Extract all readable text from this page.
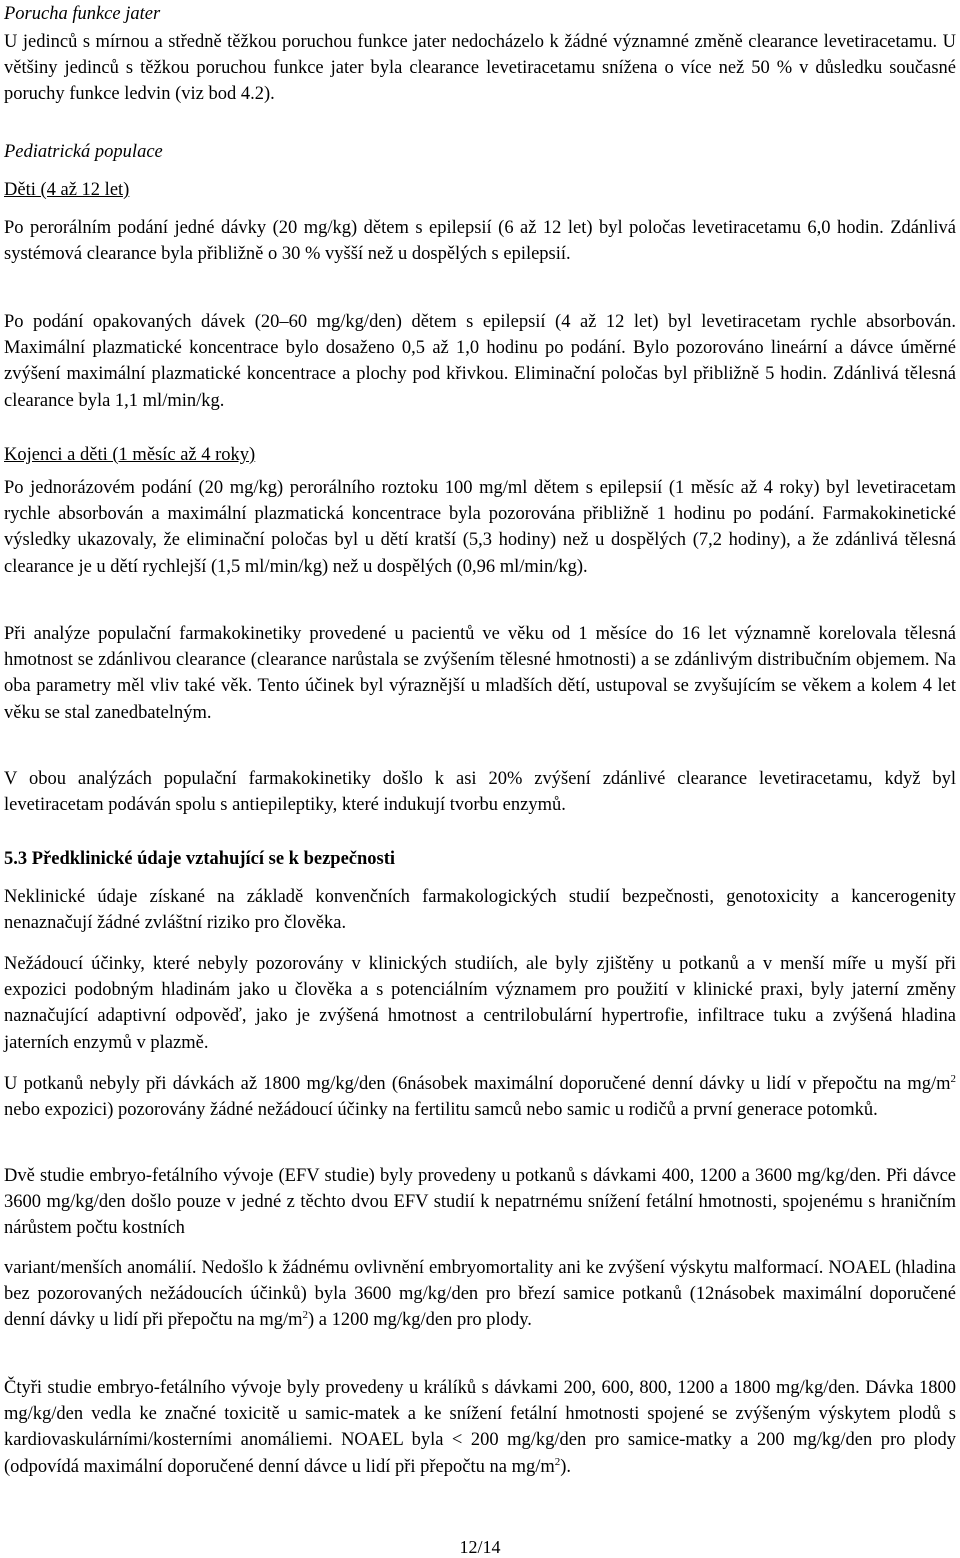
Porucha funkce jater

U jedinců s mírnou a středně těžkou poruchou funkce jater nedocházelo k žádné významné změně clearance levetiracetamu. U většiny jedinců s těžkou poruchou funkce jater byla clearance levetiracetamu snížena o více než 50 % v důsledku současné poruchy funkce ledvin (viz bod 4.2).

Pediatrická populace

Děti (4 až 12 let)

Po perorálním podání jedné dávky (20 mg/kg) dětem s epilepsií (6 až 12 let) byl poločas levetiracetamu 6,0 hodin. Zdánlivá systémová clearance byla přibližně o 30 % vyšší než u dospělých s epilepsií.

Po podání opakovaných dávek (20–60 mg/kg/den) dětem s epilepsií (4 až 12 let) byl levetiracetam rychle absorbován. Maximální plazmatické koncentrace bylo dosaženo 0,5 až 1,0 hodinu po podání. Bylo pozorováno lineární a dávce úměrné zvýšení maximální plazmatické koncentrace a plochy pod křivkou. Eliminační poločas byl přibližně 5 hodin. Zdánlivá tělesná clearance byla 1,1 ml/min/kg.

Kojenci a děti (1 měsíc až 4 roky)

Po jednorázovém podání (20 mg/kg) perorálního roztoku 100 mg/ml dětem s epilepsií (1 měsíc až 4 roky) byl levetiracetam rychle absorbován a maximální plazmatická koncentrace byla pozorována přibližně 1 hodinu po podání. Farmakokinetické výsledky ukazovaly, že eliminační poločas byl u dětí kratší (5,3 hodiny) než u dospělých (7,2 hodiny), a že zdánlivá tělesná clearance je u dětí rychlejší (1,5 ml/min/kg) než u dospělých (0,96 ml/min/kg).

Při analýze populační farmakokinetiky provedené u pacientů ve věku od 1 měsíce do 16 let významně korelovala tělesná hmotnost se zdánlivou clearance (clearance narůstala se zvýšením tělesné hmotnosti) a se zdánlivým distribučním objemem. Na oba parametry měl vliv také věk. Tento účinek byl výraznější u mladších dětí, ustupoval se zvyšujícím se věkem a kolem 4 let věku se stal zanedbatelným.

V obou analýzách populační farmakokinetiky došlo k asi 20% zvýšení zdánlivé clearance levetiracetamu, když byl levetiracetam podáván spolu s antiepileptiky, které indukují tvorbu enzymů.

5.3 Předklinické údaje vztahující se k bezpečnosti

Neklinické údaje získané na základě konvenčních farmakologických studií bezpečnosti, genotoxicity a kancerogenity nenaznačují žádné zvláštní riziko pro člověka.

Nežádoucí účinky, které nebyly pozorovány v klinických studiích, ale byly zjištěny u potkanů a v menší míře u myší při expozici podobným hladinám jako u člověka a s potenciálním významem pro použití v klinické praxi, byly jaterní změny naznačující adaptivní odpověď, jako je zvýšená hmotnost a centrilobulární hypertrofie, infiltrace tuku a zvýšená hladina jaterních enzymů v plazmě.

U potkanů nebyly při dávkách až 1800 mg/kg/den (6násobek maximální doporučené denní dávky u lidí v přepočtu na $mg/m^2$ nebo expozici) pozorovány žádné nežádoucí účinky na fertilitu samců nebo samic u rodičů a první generace potomků.

Dvě studie embryo-fetálního vývoje (EFV studie) byly provedeny u potkanů s dávkami 400, 1200 a 3600 mg/kg/den. Při dávce 3600 mg/kg/den došlo pouze v jedné z těchto dvou EFV studií k nepatrnému snížení fetální hmotnosti, spojenému s hraničním nárůstem počtu kostních

variant/menších anomálií. Nedošlo k žádnému ovlivnění embryomortality ani ke zvýšení výskytu malformací. NOAEL (hladina bez pozorovaných nežádoucích účinků) byla 3600 mg/kg/den pro březí samice potkanů (12násobek maximální doporučené denní dávky u lidí při přepočtu na $mg/m^2$) a 1200 mg/kg/den pro plody.

Čtyři studie embryo-fetálního vývoje byly provedeny u králíků s dávkami 200, 600, 800, 1200 a 1800 mg/kg/den. Dávka 1800 mg/kg/den vedla ke značné toxicitě u samic-matek a ke snížení fetální hmotnosti spojené se zvýšeným výskytem plodů s kardiovaskulárními/kosterními anomáliemi. NOAEL byla < 200 mg/kg/den pro samice-matky a 200 mg/kg/den pro plody (odpovídá maximální doporučené denní dávce u lidí při přepočtu na $mg/m^2$).

12/14
